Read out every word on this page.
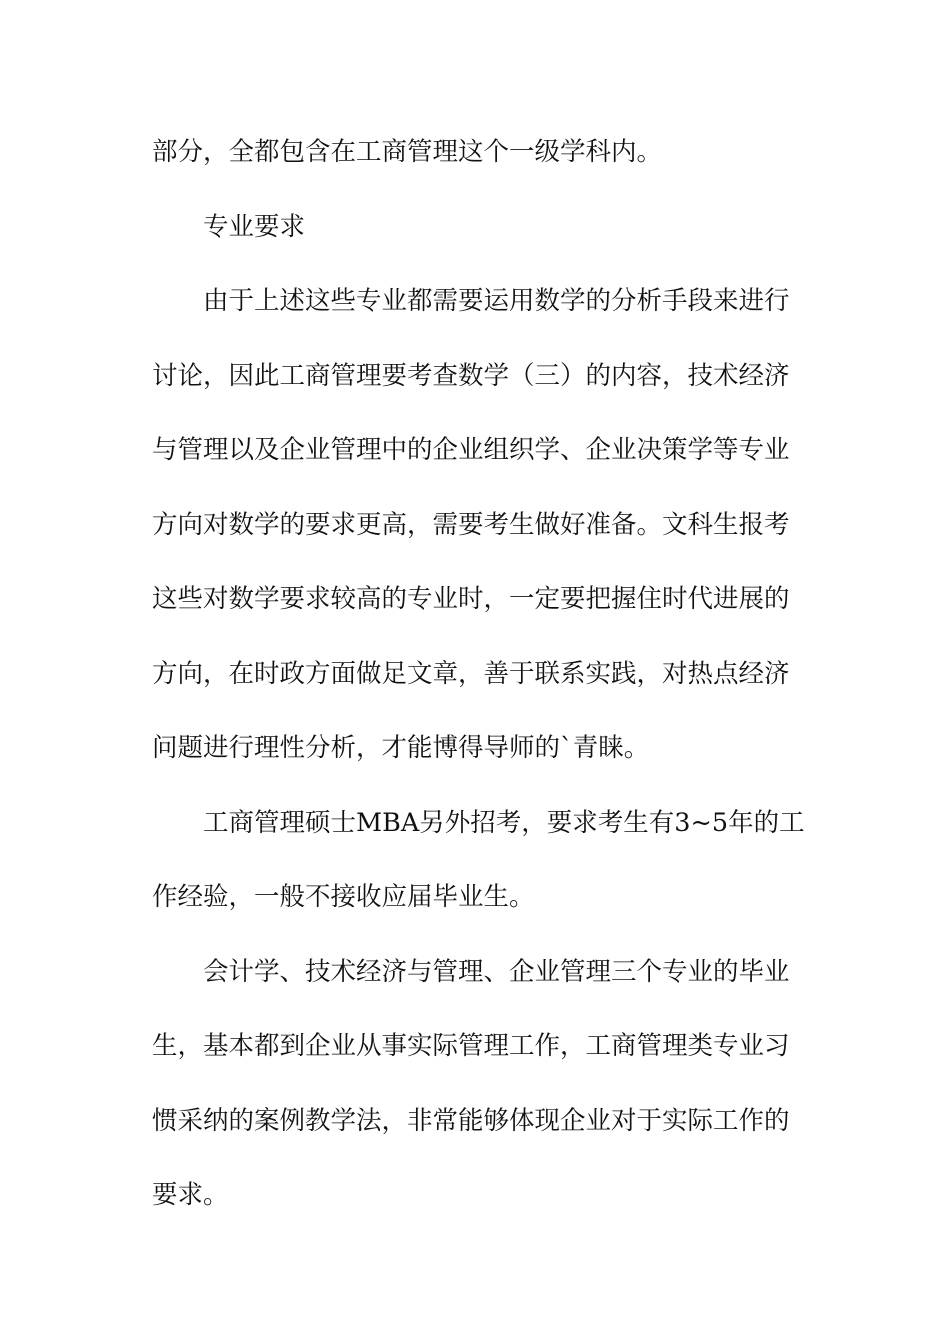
部分，全都包含在工商管理这个一级学科内。
专业要求
由于上述这些专业都需要运用数学的分析手段来进行
讨论，因此工商管理要考查数学（三）的内容，技术经济
与管理以及企业管理中的企业组织学、企业决策学等专业
方向对数学的要求更高，需要考生做好准备。文科生报考
这些对数学要求较高的专业时，一定要把握住时代进展的
方向，在时政方面做足文章，善于联系实践，对热点经济
问题进行理性分析，才能博得导师的`青睐。
工商管理硕士MBA另外招考，要求考生有3~5年的工
作经验，一般不接收应届毕业生。
会计学、技术经济与管理、企业管理三个专业的毕业
生，基本都到企业从事实际管理工作，工商管理类专业习
惯采纳的案例教学法，非常能够体现企业对于实际工作的
要求。
